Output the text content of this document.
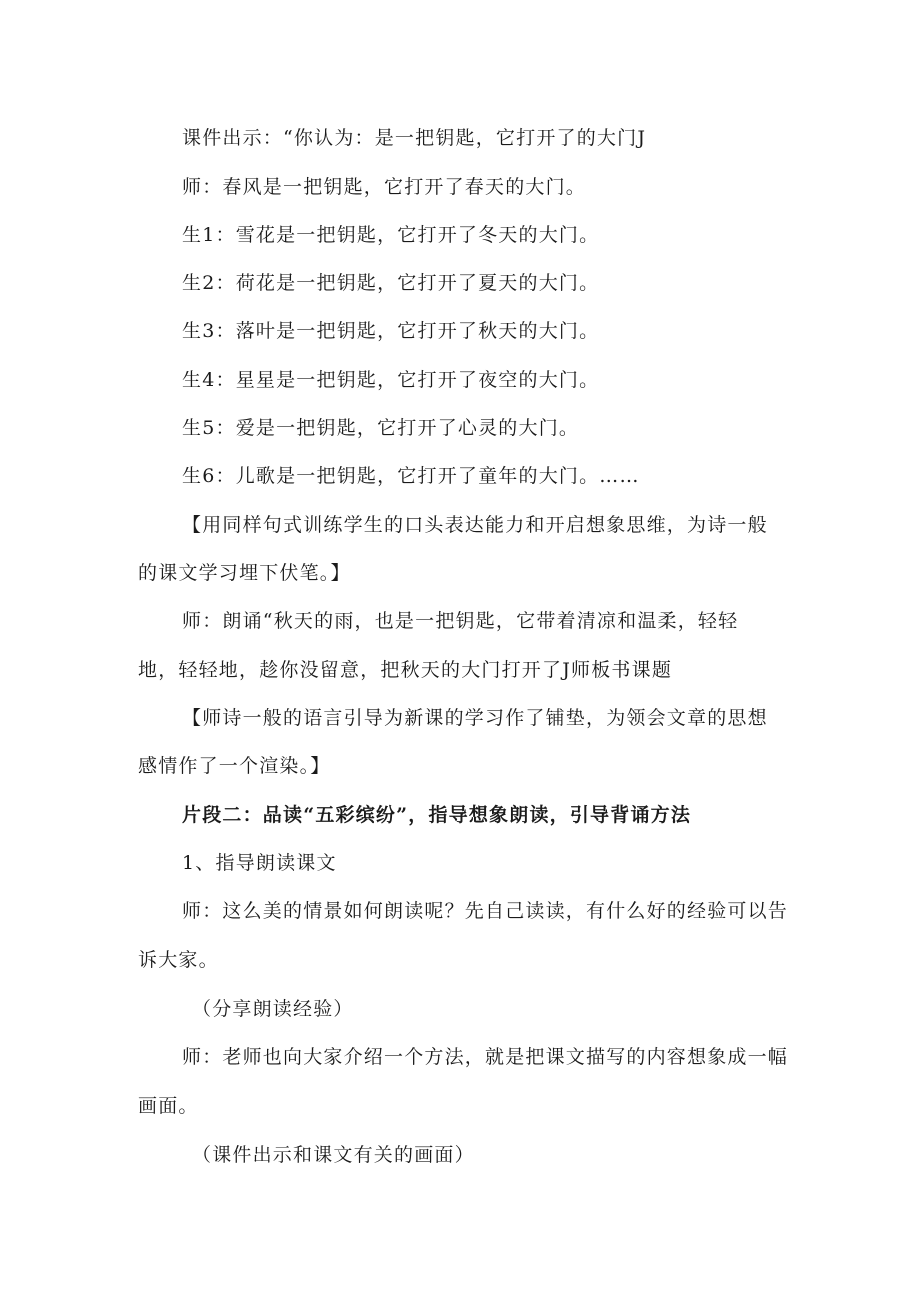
课件出示：“你认为：是一把钥匙，它打开了的大门J
师：春风是一把钥匙，它打开了春天的大门。
生1：雪花是一把钥匙，它打开了冬天的大门。
生2：荷花是一把钥匙，它打开了夏天的大门。
生3：落叶是一把钥匙，它打开了秋天的大门。
生4：星星是一把钥匙，它打开了夜空的大门。
生5：爱是一把钥匙，它打开了心灵的大门。
生6：儿歌是一把钥匙，它打开了童年的大门。……
【用同样句式训练学生的口头表达能力和开启想象思维，为诗一般
的课文学习埋下伏笔。】
师：朗诵“秋天的雨，也是一把钥匙，它带着清凉和温柔，轻轻
地，轻轻地，趁你没留意，把秋天的大门打开了J师板书课题
【师诗一般的语言引导为新课的学习作了铺垫，为领会文章的思想
感情作了一个渲染。】
片段二：品读“五彩缤纷”，指导想象朗读，引导背诵方法
1、指导朗读课文
师：这么美的情景如何朗读呢？先自己读读，有什么好的经验可以告
诉大家。
（分享朗读经验）
师：老师也向大家介绍一个方法，就是把课文描写的内容想象成一幅
画面。
（课件出示和课文有关的画面）
